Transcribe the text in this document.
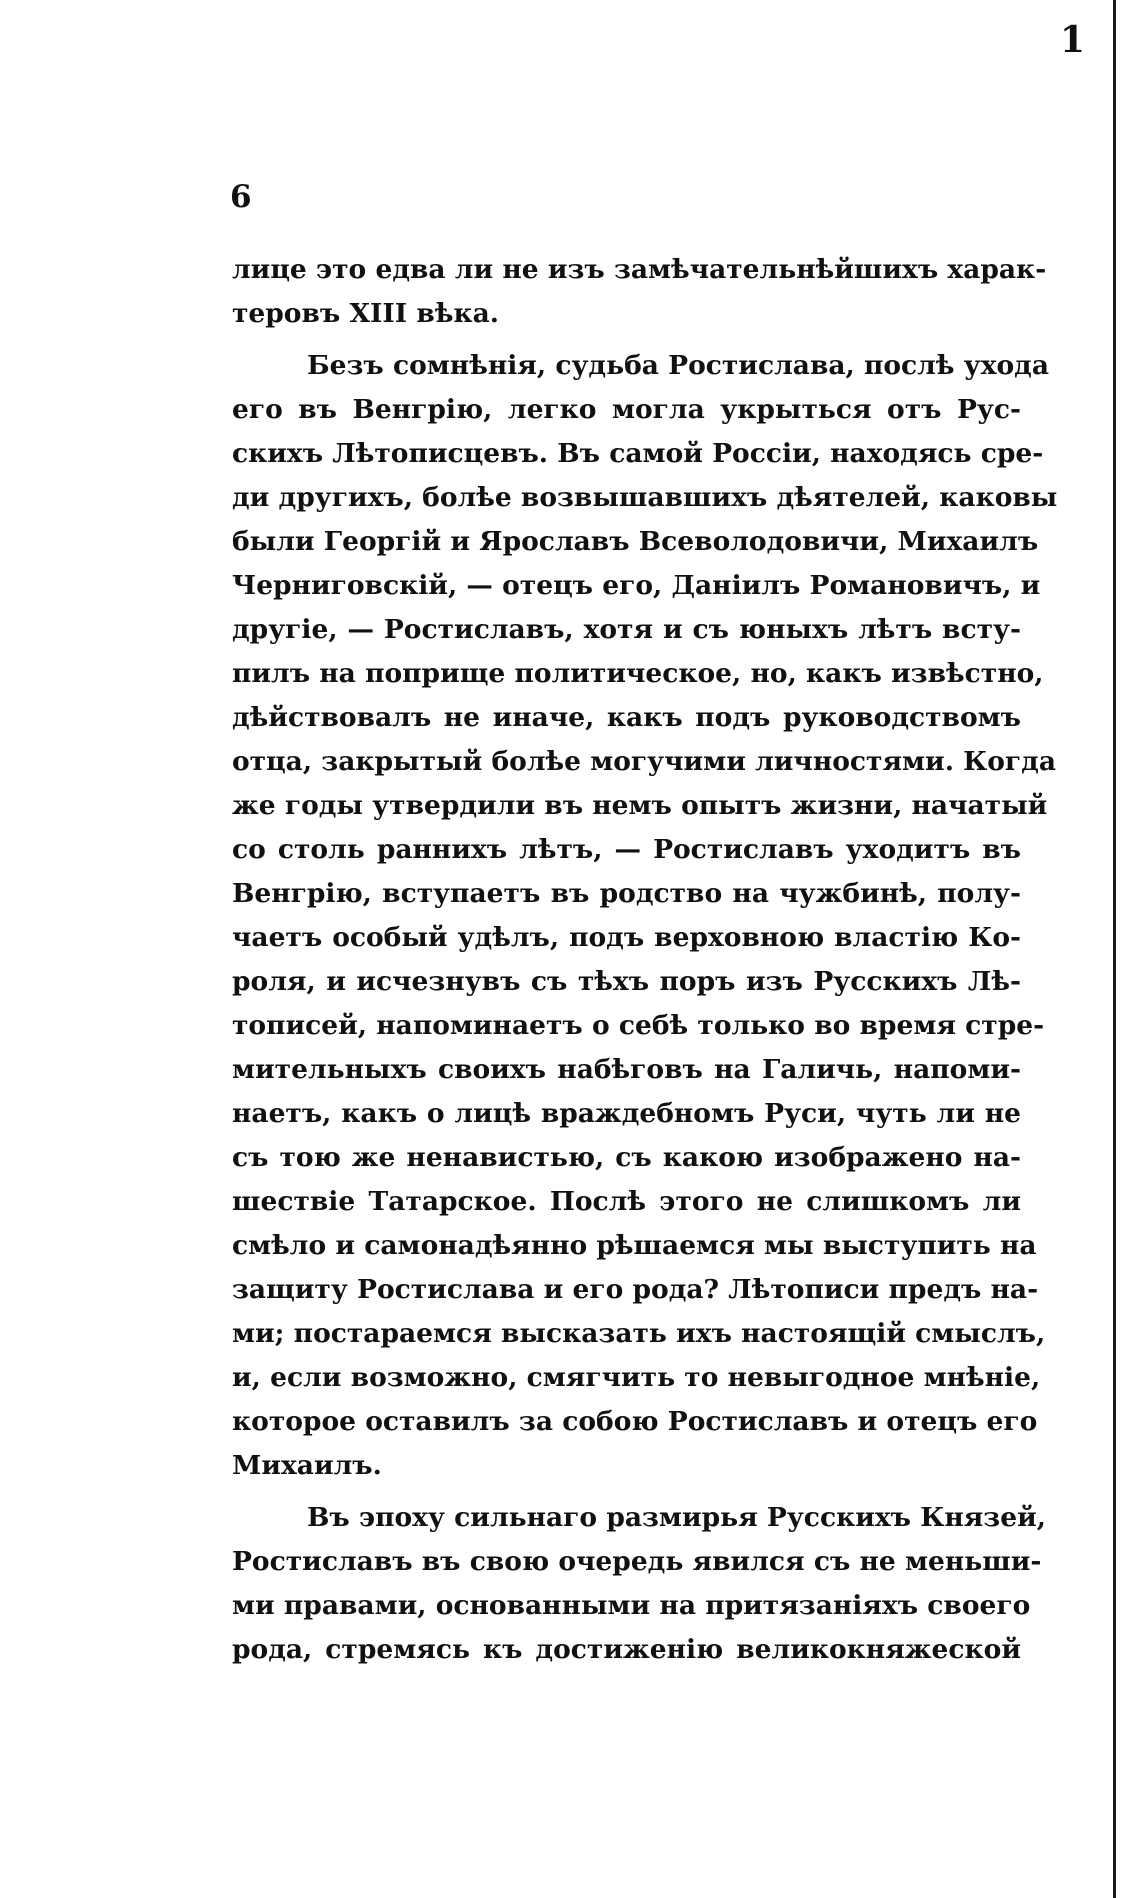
1
6
лице это едва ли не изъ замѣчательнѣйшихъ харак-
теровъ XIII вѣка.
Безъ сомнѣнія, судьба Ростислава, послѣ ухода
его въ Венгрію, легко могла укрыться отъ Рус-
скихъ Лѣтописцевъ. Въ самой Россіи, находясь сре-
ди другихъ, болѣе возвышавшихъ дѣятелей, каковы
были Георгій и Ярославъ Всеволодовичи, Михаилъ
Черниговскій, — отецъ его, Даніилъ Романовичъ, и
другіе, — Ростиславъ, хотя и съ юныхъ лѣтъ всту-
пилъ на поприще политическое, но, какъ извѣстно,
дѣйствовалъ не иначе, какъ подъ руководствомъ
отца, закрытый болѣе могучими личностями. Когда
же годы утвердили въ немъ опытъ жизни, начатый
со столь раннихъ лѣтъ, — Ростиславъ уходитъ въ
Венгрію, вступаетъ въ родство на чужбинѣ, полу-
чаетъ особый удѣлъ, подъ верховною властію Ко-
роля, и исчезнувъ съ тѣхъ поръ изъ Русскихъ Лѣ-
тописей, напоминаетъ о себѣ только во время стре-
мительныхъ своихъ набѣговъ на Галичь, напоми-
наетъ, какъ о лицѣ враждебномъ Руси, чуть ли не
съ тою же ненавистью, съ какою изображено на-
шествіе Татарское. Послѣ этого не слишкомъ ли
смѣло и самонадѣянно рѣшаемся мы выступить на
защиту Ростислава и его рода? Лѣтописи предъ на-
ми; постараемся высказать ихъ настоящій смыслъ,
и, если возможно, смягчить то невыгодное мнѣніе,
которое оставилъ за собою Ростиславъ и отецъ его
Михаилъ.
Въ эпоху сильнаго размирья Русскихъ Князей,
Ростиславъ въ свою очередь явился съ не меньши-
ми правами, основанными на притязаніяхъ своего
рода, стремясь къ достиженію великокняжеской
